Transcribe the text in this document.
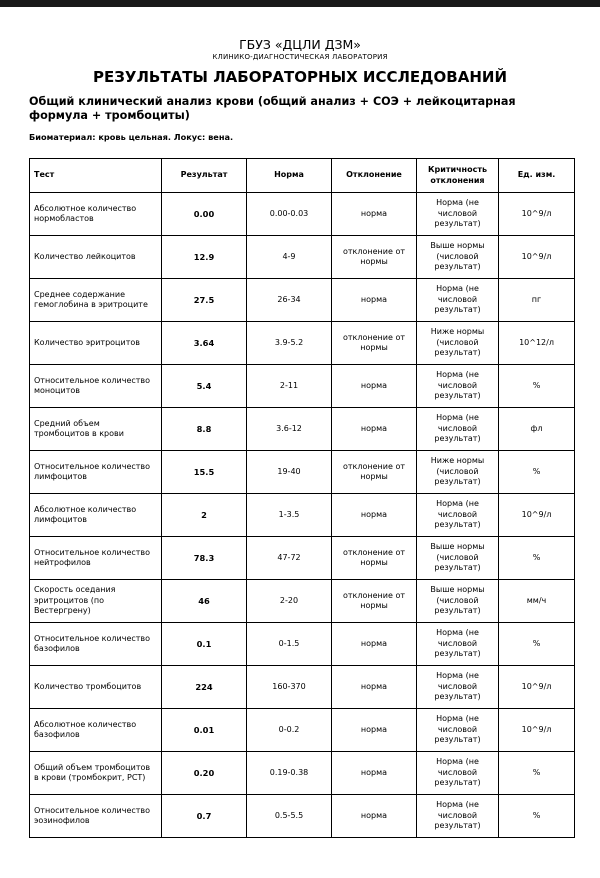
ГБУЗ «ДЦЛИ ДЗМ»
КЛИНИКО-ДИАГНОСТИЧЕСКАЯ ЛАБОРАТОРИЯ
РЕЗУЛЬТАТЫ ЛАБОРАТОРНЫХ ИССЛЕДОВАНИЙ
Общий клинический анализ крови (общий анализ + СОЭ + лейкоцитарная формула + тромбоциты)
Биоматериал: кровь цельная. Локус: вена.
Тест	Результат	Норма	Отклонение	Критичность отклонения	Ед. изм.
Абсолютное количество нормобластов	0.00	0.00-0.03	норма	Норма (не числовой результат)	10^9/л
Количество лейкоцитов	12.9	4-9	отклонение от нормы	Выше нормы (числовой результат)	10^9/л
Среднее содержание гемоглобина в эритроците	27.5	26-34	норма	Норма (не числовой результат)	пг
Количество эритроцитов	3.64	3.9-5.2	отклонение от нормы	Ниже нормы (числовой результат)	10^12/л
Относительное количество моноцитов	5.4	2-11	норма	Норма (не числовой результат)	%
Средний объем тромбоцитов в крови	8.8	3.6-12	норма	Норма (не числовой результат)	фл
Относительное количество лимфоцитов	15.5	19-40	отклонение от нормы	Ниже нормы (числовой результат)	%
Абсолютное количество лимфоцитов	2	1-3.5	норма	Норма (не числовой результат)	10^9/л
Относительное количество нейтрофилов	78.3	47-72	отклонение от нормы	Выше нормы (числовой результат)	%
Скорость оседания эритроцитов (по Вестергрену)	46	2-20	отклонение от нормы	Выше нормы (числовой результат)	мм/ч
Относительное количество базофилов	0.1	0-1.5	норма	Норма (не числовой результат)	%
Количество тромбоцитов	224	160-370	норма	Норма (не числовой результат)	10^9/л
Абсолютное количество базофилов	0.01	0-0.2	норма	Норма (не числовой результат)	10^9/л
Общий объем тромбоцитов в крови (тромбокрит, PCT)	0.20	0.19-0.38	норма	Норма (не числовой результат)	%
Относительное количество эозинофилов	0.7	0.5-5.5	норма	Норма (не числовой результат)	%
